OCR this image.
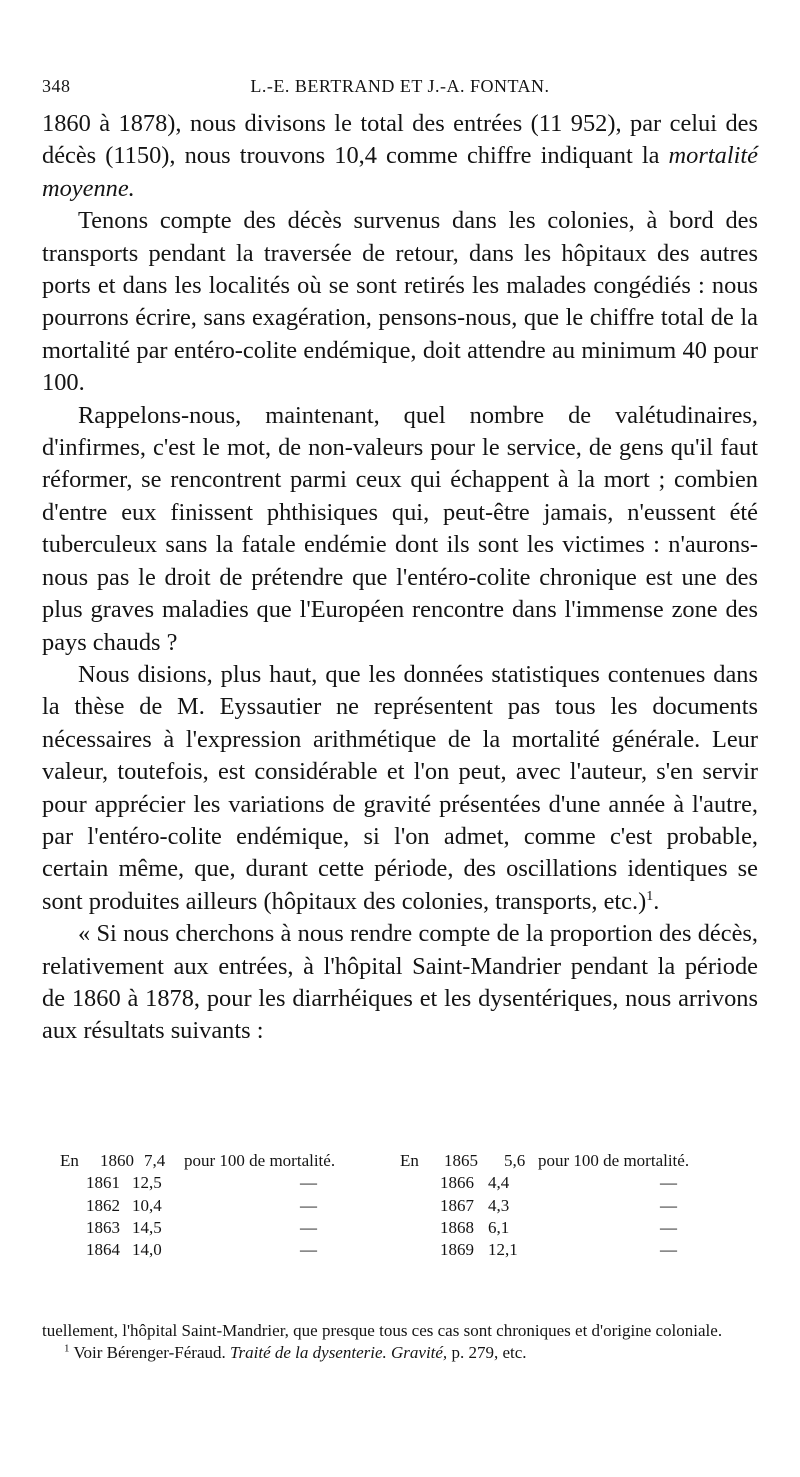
348	L.-E. BERTRAND ET J.-A. FONTAN.

1860 à 1878), nous divisons le total des entrées (11 952), par celui des décès (1150), nous trouvons 10,4 comme chiffre indiquant la mortalité moyenne.

Tenons compte des décès survenus dans les colonies, à bord des transports pendant la traversée de retour, dans les hôpitaux des autres ports et dans les localités où se sont retirés les malades congédiés : nous pourrons écrire, sans exagération, pensons-nous, que le chiffre total de la mortalité par entéro-colite endémique, doit attendre au minimum 40 pour 100.

Rappelons-nous, maintenant, quel nombre de valétudinaires, d'infirmes, c'est le mot, de non-valeurs pour le service, de gens qu'il faut réformer, se rencontrent parmi ceux qui échappent à la mort ; combien d'entre eux finissent phthisiques qui, peut-être jamais, n'eussent été tuberculeux sans la fatale endémie dont ils sont les victimes : n'aurons-nous pas le droit de prétendre que l'entéro-colite chronique est une des plus graves maladies que l'Européen rencontre dans l'immense zone des pays chauds ?

Nous disions, plus haut, que les données statistiques contenues dans la thèse de M. Eyssautier ne représentent pas tous les documents nécessaires à l'expression arithmétique de la mortalité générale. Leur valeur, toutefois, est considérable et l'on peut, avec l'auteur, s'en servir pour apprécier les variations de gravité présentées d'une année à l'autre, par l'entéro-colite endémique, si l'on admet, comme c'est probable, certain même, que, durant cette période, des oscillations identiques se sont produites ailleurs (hôpitaux des colonies, transports, etc.)$^1$.

« Si nous cherchons à nous rendre compte de la proportion des décès, relativement aux entrées, à l'hôpital Saint-Mandrier pendant la période de 1860 à 1878, pour les diarrhéiques et les dysentériques, nous arrivons aux résultats suivants :

En 1860 7,4 pour 100 de mortalité.	En 1865 5,6 pour 100 de mortalité.
1861 12,5	—	1866 4,4	—
1862 10,4	—	1867 4,3	—
1863 14,5	—	1868 6,1	—
1864 14,0	—	1869 12,1	—

tuellement, l'hôpital Saint-Mandrier, que presque tous ces cas sont chroniques et d'origine coloniale.

$^1$ Voir Bérenger-Féraud. Traité de la dysenterie. Gravité, p. 279, etc.
